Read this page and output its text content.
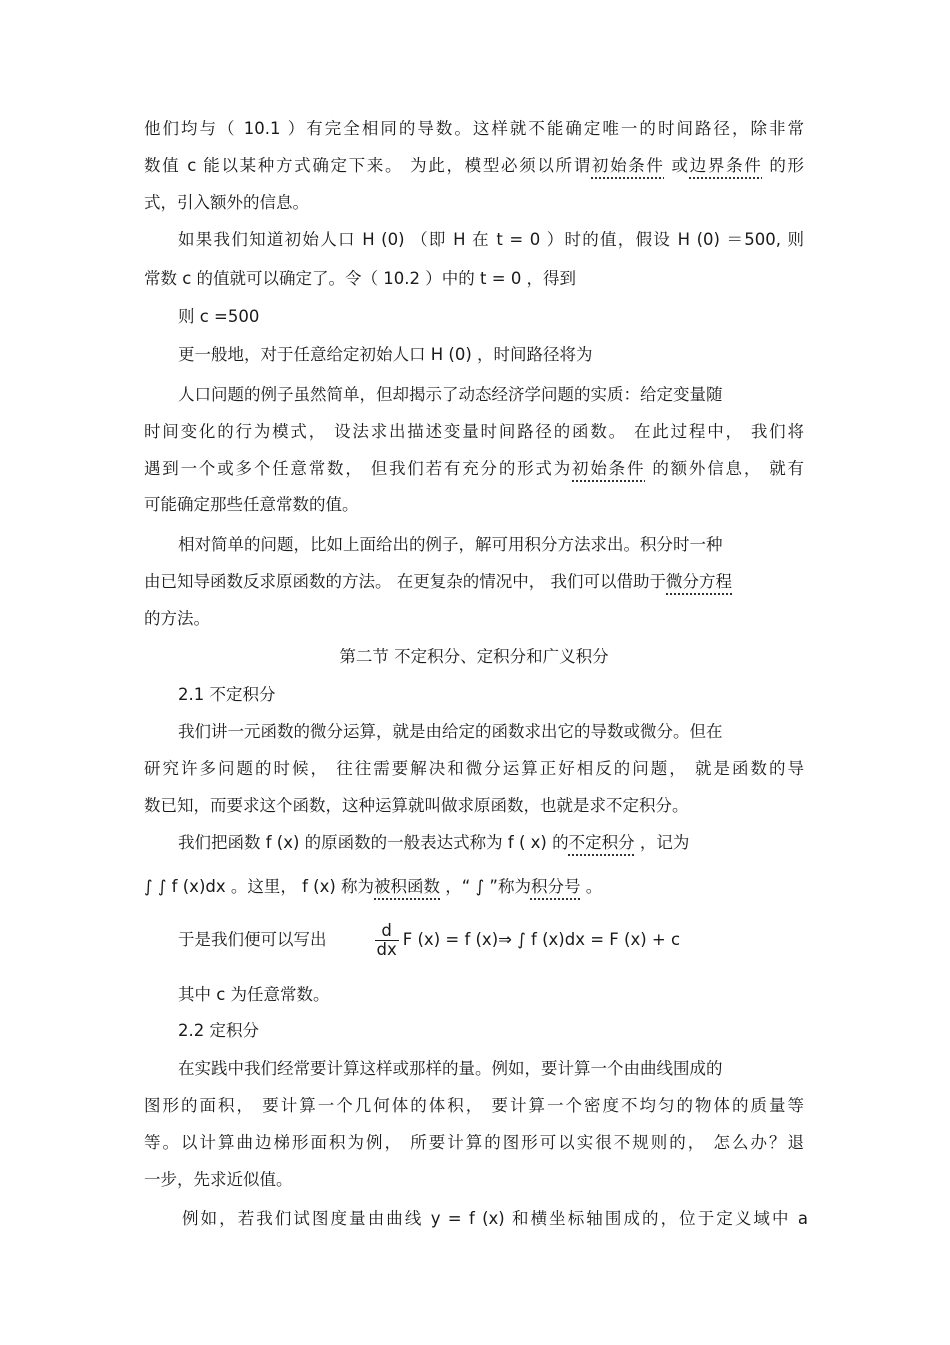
他们均与（ 10.1 ）有完全相同的导数。这样就不能确定唯一的时间路径，除非常
数值 c 能以某种方式确定下来。 为此，模型必须以所谓初始条件 或边界条件 的形
式，引入额外的信息。
如果我们知道初始人口 H (0) （即 H 在 t = 0 ）时的值，假设 H (0) ＝500, 则
常数 c 的值就可以确定了。令（ 10.2 ）中的 t = 0 ，得到
则 c =500
更一般地，对于任意给定初始人口 H (0) ，时间路径将为
人口问题的例子虽然简单，但却揭示了动态经济学问题的实质：给定变量随
时间变化的行为模式， 设法求出描述变量时间路径的函数。 在此过程中， 我们将
遇到一个或多个任意常数， 但我们若有充分的形式为初始条件 的额外信息， 就有
可能确定那些任意常数的值。
相对简单的问题，比如上面给出的例子，解可用积分方法求出。积分时一种
由已知导函数反求原函数的方法。 在更复杂的情况中， 我们可以借助于微分方程
的方法。
第二节 不定积分、定积分和广义积分
2.1 不定积分
我们讲一元函数的微分运算，就是由给定的函数求出它的导数或微分。但在
研究许多问题的时候， 往往需要解决和微分运算正好相反的问题， 就是函数的导
数已知，而要求这个函数，这种运算就叫做求原函数，也就是求不定积分。
我们把函数 f (x) 的原函数的一般表达式称为 f ( x) 的不定积分 ，记为
∫ ∫ f (x)dx 。这里， f (x) 称为被积函数 ，“ ∫ ”称为积分号 。
于是我们便可以写出	$\frac{d}{dx}$ F (x) = f (x)⇒ ∫ f (x)dx = F (x) + c
其中 c 为任意常数。
2.2 定积分
在实践中我们经常要计算这样或那样的量。例如，要计算一个由曲线围成的
图形的面积， 要计算一个几何体的体积， 要计算一个密度不均匀的物体的质量等
等。以计算曲边梯形面积为例， 所要计算的图形可以实很不规则的， 怎么办？退
一步，先求近似值。
例如，若我们试图度量由曲线 y = f (x) 和横坐标轴围成的，位于定义域中 a
